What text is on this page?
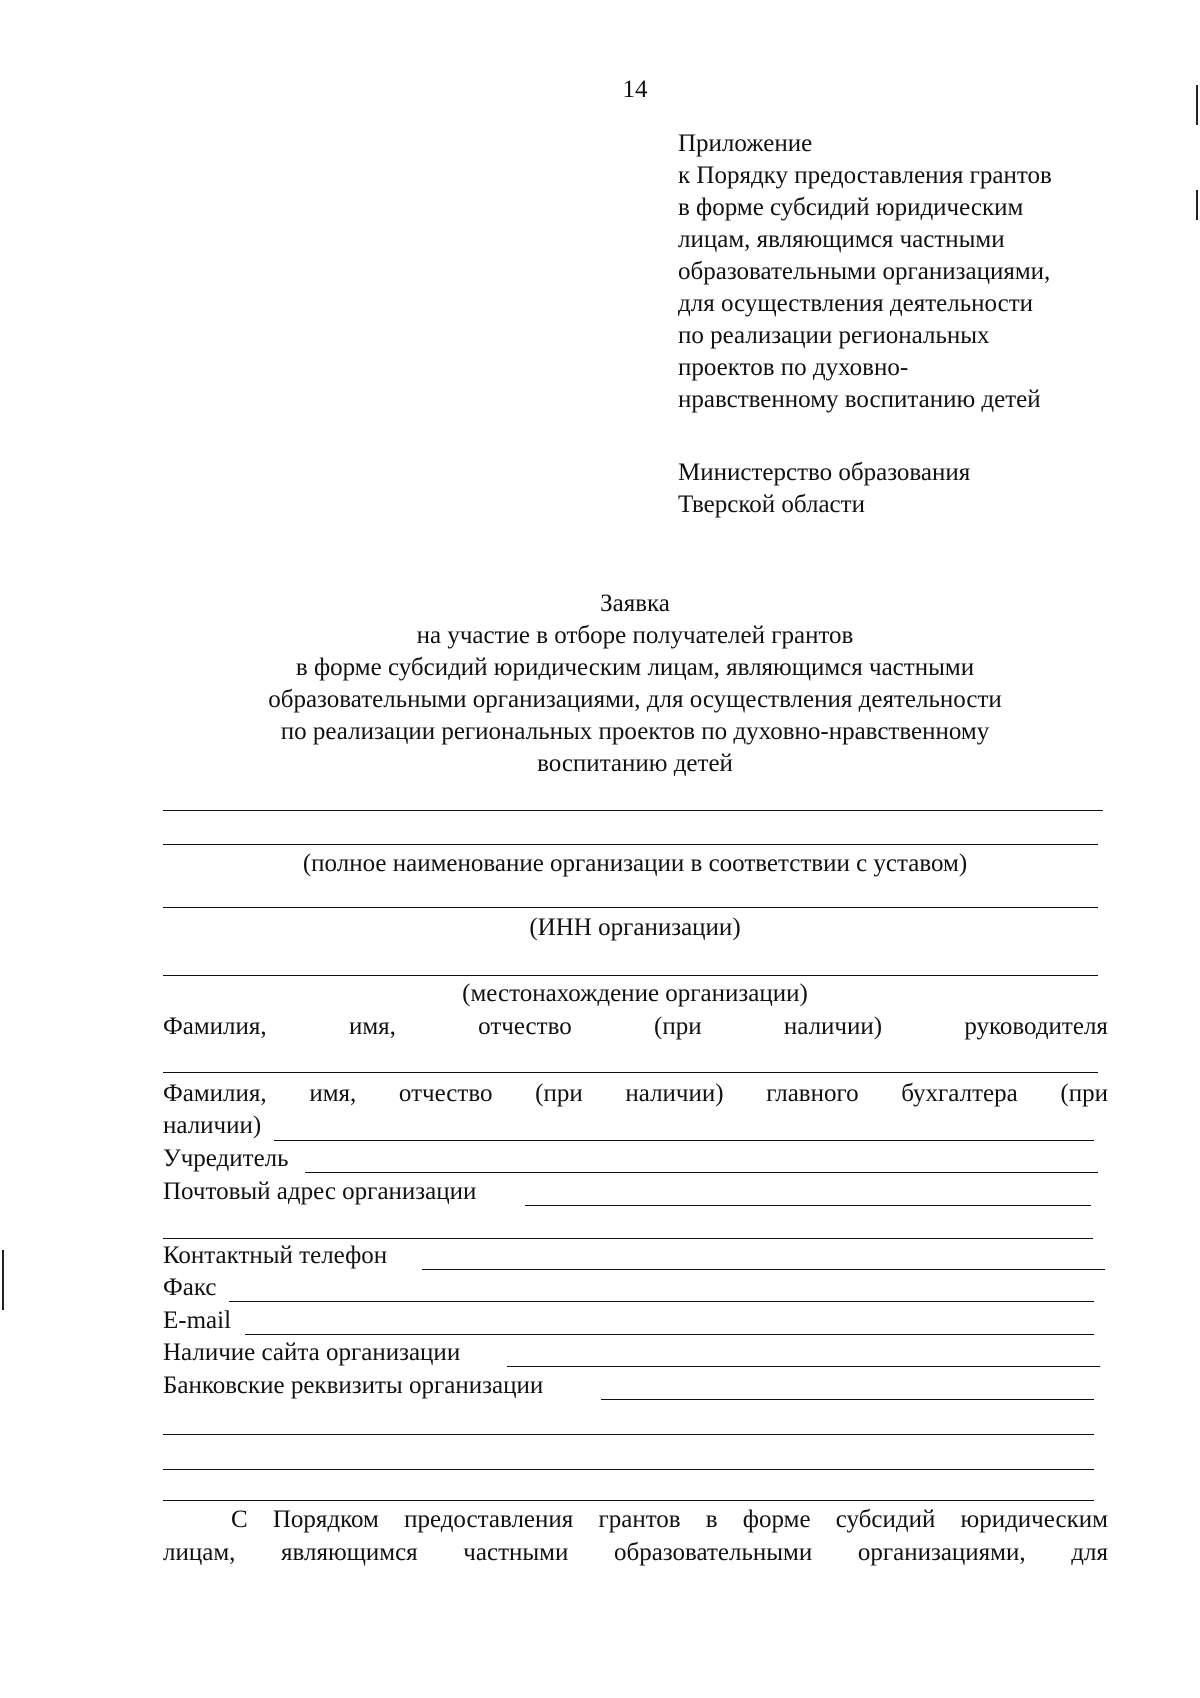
14
Приложение
к Порядку предоставления грантов
в форме субсидий юридическим
лицам, являющимся частными
образовательными организациями,
для осуществления деятельности
по реализации региональных
проектов по духовно-
нравственному воспитанию детей
Министерство образования
Тверской области
Заявка
на участие в отборе получателей грантов
в форме субсидий юридическим лицам, являющимся частными
образовательными организациями, для осуществления деятельности
по реализации региональных проектов по духовно-нравственному
воспитанию детей
(полное наименование организации в соответствии с уставом)
(ИНН организации)
(местонахождение организации)
Фамилия,	имя,	отчество	(при	наличии)	руководителя
Фамилия, имя, отчество (при наличии) главного бухгалтера (при
наличии)
Учредитель
Почтовый адрес организации
Контактный телефон
Факс
E-mail
Наличие сайта организации
Банковские реквизиты организации
С Порядком предоставления грантов в форме субсидий юридическим
лицам, являющимся частными образовательными организациями, для
